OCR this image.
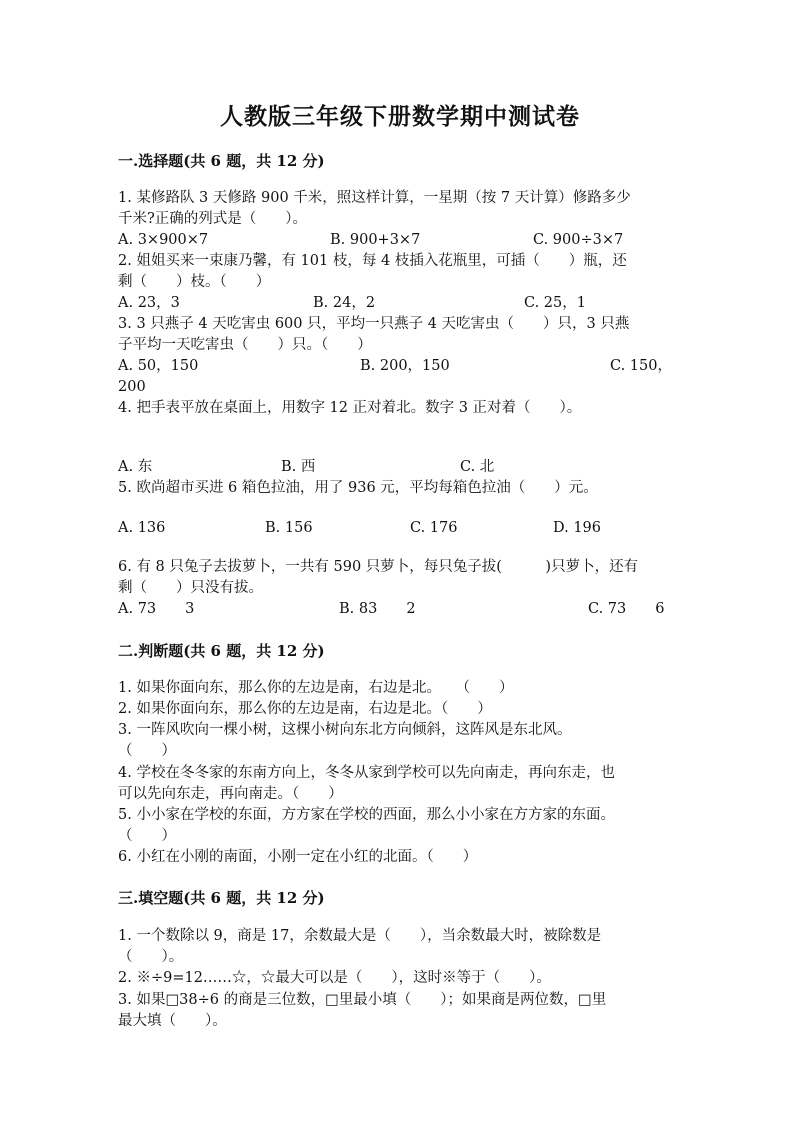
人教版三年级下册数学期中测试卷
一.选择题(共 6 题，共 12 分)
1. 某修路队 3 天修路 900 千米，照这样计算，一星期（按 7 天计算）修路多少
千米?正确的列式是（　　）。
A. 3×900×7	B. 900+3×7	C. 900÷3×7
2. 姐姐买来一束康乃馨，有 101 枝，每 4 枝插入花瓶里，可插（　　）瓶，还
剩（　　）枝。（　　）
A. 23，3	B. 24，2	C. 25，1
3. 3 只燕子 4 天吃害虫 600 只，平均一只燕子 4 天吃害虫（　　）只，3 只燕
子平均一天吃害虫（　　）只。（　　）
A. 50，150	B. 200，150	C. 150，
200
4. 把手表平放在桌面上，用数字 12 正对着北。数字 3 正对着（　　）。
A. 东	B. 西	C. 北
5. 欧尚超市买进 6 箱色拉油，用了 936 元，平均每箱色拉油（　　）元。
A. 136	B. 156	C. 176	D. 196
6. 有 8 只兔子去拔萝卜，一共有 590 只萝卜，每只兔子拔(　　　)只萝卜，还有
剩（　　）只没有拔。
A. 73　　3	B. 83　　2	C. 73　　6
二.判断题(共 6 题，共 12 分)
1. 如果你面向东，那么你的左边是南，右边是北。　　（　　）
2. 如果你面向东，那么你的左边是南，右边是北。（　　）
3. 一阵风吹向一棵小树，这棵小树向东北方向倾斜，这阵风是东北风。
（　　）
4. 学校在冬冬家的东南方向上，冬冬从家到学校可以先向南走，再向东走，也
可以先向东走，再向南走。（　　）
5. 小小家在学校的东面，方方家在学校的西面，那么小小家在方方家的东面。
（　　）
6. 小红在小刚的南面，小刚一定在小红的北面。（　　）
三.填空题(共 6 题，共 12 分)
1. 一个数除以 9，商是 17，余数最大是（　　），当余数最大时，被除数是
（　　）。
2. ※÷9=12……☆，☆最大可以是（　　），这时※等于（　　）。
3. 如果□38÷6 的商是三位数，□里最小填（　　）；如果商是两位数，□里
最大填（　　）。
